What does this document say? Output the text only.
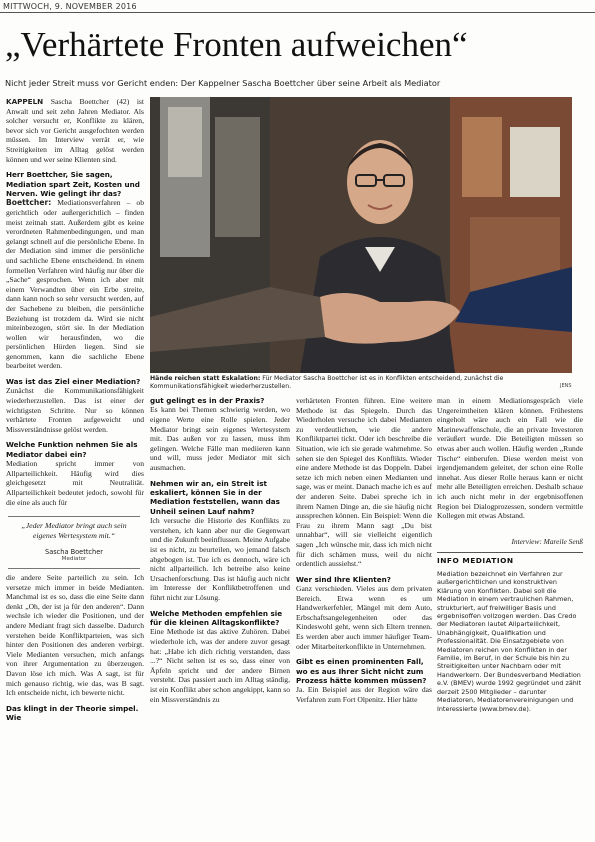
MITTWOCH, 9. NOVEMBER 2016
„Verhärtete Fronten aufweichen“
Nicht jeder Streit muss vor Gericht enden: Der Kappelner Sascha Boettcher über seine Arbeit als Mediator

KAPPELN Sascha Boettcher (42) ist Anwalt und seit zehn Jahren Mediator. Als solcher versucht er, Konflikte zu klären, bevor sich vor Gericht ausgefochten werden müssen. Im Interview verrät er, wie Streitigkeiten im Alltag gelöst werden können und wer seine Klienten sind.

Herr Boettcher, Sie sagen, Mediation spart Zeit, Kosten und Nerven. Wie gelingt ihr das?

Boettcher: Mediationsverfahren – ob gerichtlich oder außergerichtlich – finden meist zeitnah statt. Außerdem gibt es keine verordneten Rahmenbedingungen, und man gelangt schnell auf die persönliche Ebene. In der Mediation sind immer die persönliche und sachliche Ebene entscheidend. In einem formellen Verfahren wird häufig nur über die „Sache“ gesprochen. Wenn ich aber mit einem Verwandten über ein Erbe streite, dann kann noch so sehr versucht werden, auf der Sachebene zu bleiben, die persönliche Beziehung ist trotzdem da. Wird sie nicht miteinbezogen, stört sie. In der Mediation wollen wir herausfinden, wo die persönlichen Hürden liegen. Sind sie genommen, kann die sachliche Ebene bearbeitet werden.

Was ist das Ziel einer Mediation?

Zunächst die Kommunikationsfähigkeit wiederherzustellen. Das ist einer der wichtigsten Schritte. Nur so können verhärtete Fronten aufgeweicht und Missverständnisse gelöst werden.

Welche Funktion nehmen Sie als Mediator dabei ein?

Mediation spricht immer von Allparteilichkeit. Häufig wird dies gleichgesetzt mit Neutralität. Allparteilichkeit bedeutet jedoch, sowohl für die eine als auch für

„Jeder Mediator bringt auch sein eigenes Wertesystem mit.“
Sascha Boettcher
Mediator

die andere Seite parteilich zu sein. Ich versetze mich immer in beide Medianten. Manchmal ist es so, dass die eine Seite dann denkt „Oh, der ist ja für den anderen“. Dann wechsle ich wieder die Positionen, und der andere Mediant fragt sich dasselbe. Dadurch verstehen beide Konfliktparteien, was sich hinter den Positionen des anderen verbirgt. Viele Medianten versuchen, mich anfangs von ihrer Argumentation zu überzeugen. Davon löse ich mich. Was A sagt, ist für mich genauso richtig, wie das, was B sagt. Ich entscheide nicht, ich bewerte nicht.

Das klingt in der Theorie simpel. Wie

Hände reichen statt Eskalation: Für Mediator Sascha Boettcher ist es in Konflikten entscheidend, zunächst die Kommunikationsfähigkeit wiederherzustellen.	JENS

gut gelingt es in der Praxis?

Es kann bei Themen schwierig werden, wo eigene Werte eine Rolle spielen. Jeder Mediator bringt sein eigenes Wertesystem mit. Das außen vor zu lassen, muss ihm gelingen. Welche Fälle man mediieren kann und will, muss jeder Mediator mit sich ausmachen.

Nehmen wir an, ein Streit ist eskaliert, können Sie in der Mediation feststellen, wann das Unheil seinen Lauf nahm?

Ich versuche die Historie des Konflikts zu verstehen, ich kann aber nur die Gegenwart und die Zukunft beeinflussen. Meine Aufgabe ist es nicht, zu beurteilen, wo jemand falsch abgebogen ist. Tue ich es dennoch, wäre ich nicht allparteilich. Ich betreibe also keine Ursachenforschung. Das ist häufig auch nicht im Interesse der Konfliktbetroffenen und führt nicht zur Lösung.

Welche Methoden empfehlen sie für die kleinen Alltagskonflikte?

Eine Methode ist das aktive Zuhören. Dabei wiederhole ich, was der andere zuvor gesagt hat: „Habe ich dich richtig verstanden, dass ...?“ Nicht selten ist es so, dass einer von Äpfeln spricht und der andere Birnen versteht. Das passiert auch im Alltag ständig, ist ein Konflikt aber schon angekippt, kann so ein Missverständnis zu

verhärteten Fronten führen. Eine weitere Methode ist das Spiegeln. Durch das Wiederholen versuche ich dabei Medianten zu verdeutlichen, wie die andere Konfliktpartei tickt. Oder ich beschreibe die Situation, wie ich sie gerade wahrnehme. So sehen sie den Spiegel des Konflikts. Wieder eine andere Methode ist das Doppeln. Dabei setze ich mich neben einen Medianten und sage, was er meint. Danach mache ich es auf der anderen Seite. Dabei spreche ich in ihrem Namen Dinge an, die sie häufig nicht aussprechen können. Ein Beispiel: Wenn die Frau zu ihrem Mann sagt „Du bist unnahbar“, will sie vielleicht eigentlich sagen „Ich wünsche mir, dass ich mich nicht für dich schämen muss, weil du nicht ordentlich aussiehst.“

Wer sind Ihre Klienten?

Ganz verschieden. Vieles aus dem privaten Bereich. Etwa wenn es um Handwerkerfehler, Mängel mit dem Auto, Erbschaftsangelegenheiten oder das Kindeswohl geht, wenn sich Eltern trennen. Es werden aber auch immer häufiger Team- oder Mitarbeiterkonflikte in Unternehmen.

Gibt es einen prominenten Fall, wo es aus Ihrer Sicht nicht zum Prozess hätte kommen müssen?

Ja. Ein Beispiel aus der Region wäre das Verfahren zum Fort Olpenitz. Hier hätte

man in einem Mediationsgespräch viele Ungereimtheiten klären können. Frühestens eingeholt wäre auch ein Fall wie die Marinewaffenschule, die an private Investoren veräußert wurde. Die Beteiligten müssen so etwas aber auch wollen. Häufig werden „Runde Tische“ einberufen. Diese werden meist von irgendjemandem geleitet, der schon eine Rolle innehat. Aus dieser Rolle heraus kann er nicht mehr alle Beteiligten erreichen. Deshalb schaue ich auch nicht mehr in der ergebnisoffenen Region bei Dialogprozessen, sondern vermittle Kollegen mit etwas Abstand.

Interview: Mareile Senß
INFO MEDIATION
Mediation bezeichnet ein Verfahren zur außergerichtlichen und konstruktiven Klärung von Konflikten. Dabei soll die Mediation in einem vertraulichen Rahmen, strukturiert, auf freiwilliger Basis und ergebnisoffen vollzogen werden. Das Credo der Mediatoren lautet Allparteilichkeit, Unabhängigkeit, Qualifikation und Professionalität. Die Einsatzgebiete von Mediatoren reichen von Konflikten in der Familie, im Beruf, in der Schule bis hin zu Streitigkeiten unter Nachbarn oder mit Handwerkern. Der Bundesverband Mediation e.V. (BMEV) wurde 1992 gegründet und zählt derzeit 2500 Mitglieder – darunter Mediatoren, Mediatorenvereinigungen und Interessierte (www.bmev.de).
